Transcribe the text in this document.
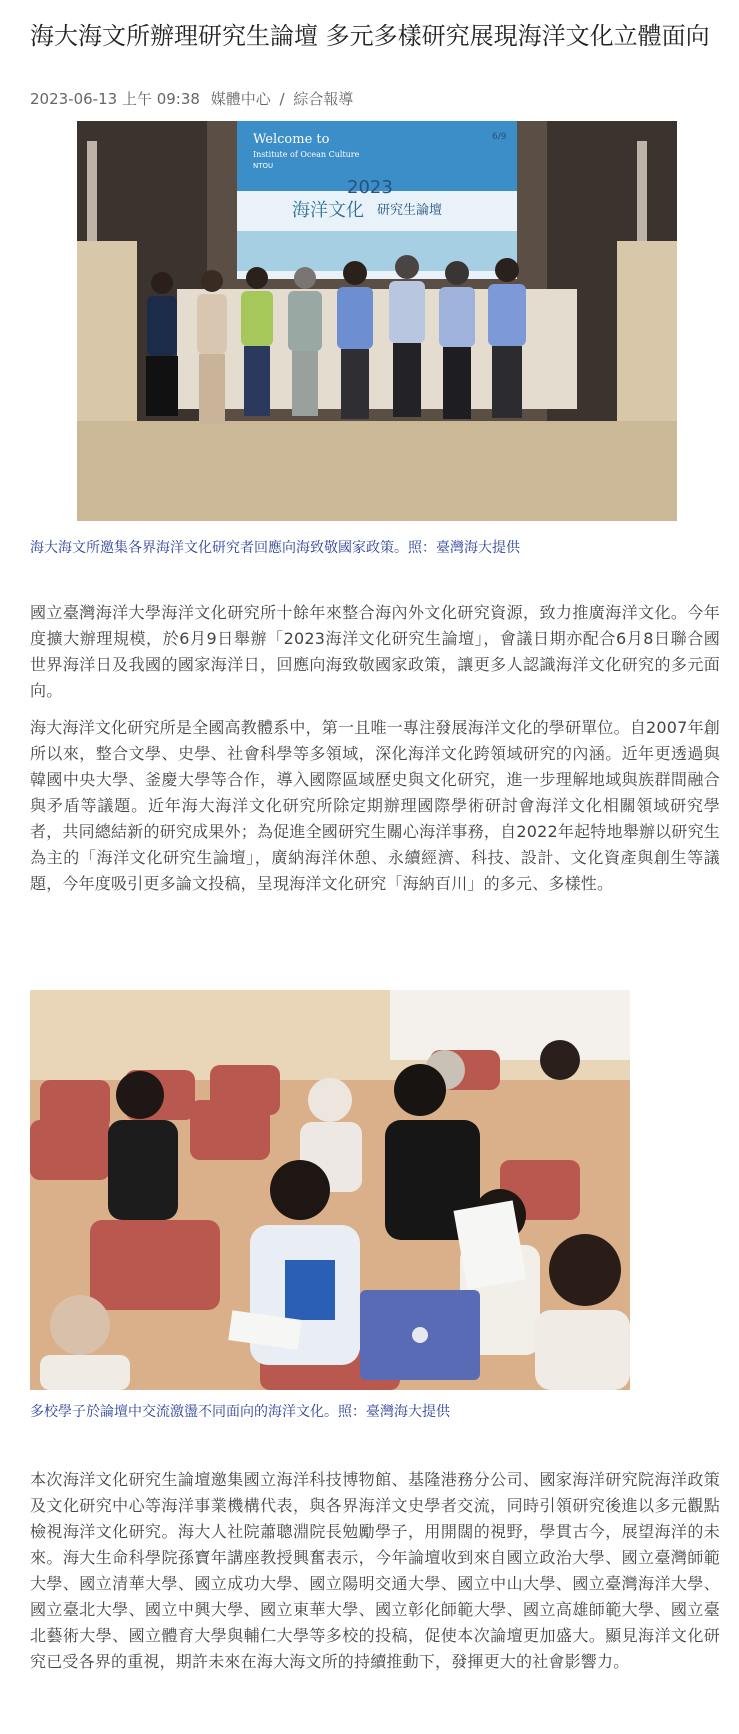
海大海文所辦理研究生論壇 多元多樣研究展現海洋文化立體面向
2023-06-13 上午 09:38 媒體中心 / 綜合報導
Welcome to
Institute of Ocean Culture
NTOU
2023
海洋文化 研究生論壇
6/9
海大海文所邀集各界海洋文化研究者回應向海致敬國家政策。照：臺灣海大提供

國立臺灣海洋大學海洋文化研究所十餘年來整合海內外文化研究資源，致力推廣海洋文化。今年度擴大辦理規模，於6月9日舉辦「2023海洋文化研究生論壇」，會議日期亦配合6月8日聯合國世界海洋日及我國的國家海洋日，回應向海致敬國家政策，讓更多人認識海洋文化研究的多元面向。

海大海洋文化研究所是全國高教體系中，第一且唯一專注發展海洋文化的學研單位。自2007年創所以來，整合文學、史學、社會科學等多領域，深化海洋文化跨領域研究的內涵。近年更透過與韓國中央大學、釜慶大學等合作，導入國際區域歷史與文化研究，進一步理解地域與族群間融合與矛盾等議題。近年海大海洋文化研究所除定期辦理國際學術研討會海洋文化相關領域研究學者，共同總結新的研究成果外；為促進全國研究生關心海洋事務，自2022年起特地舉辦以研究生為主的「海洋文化研究生論壇」，廣納海洋休憩、永續經濟、科技、設計、文化資產與創生等議題，今年度吸引更多論文投稿，呈現海洋文化研究「海納百川」的多元、多樣性。

多校學子於論壇中交流激盪不同面向的海洋文化。照：臺灣海大提供

本次海洋文化研究生論壇邀集國立海洋科技博物館、基隆港務分公司、國家海洋研究院海洋政策及文化研究中心等海洋事業機構代表，與各界海洋文史學者交流，同時引領研究後進以多元觀點檢視海洋文化研究。海大人社院蕭聰淵院長勉勵學子，用開闊的視野，學貫古今，展望海洋的未來。海大生命科學院孫寶年講座教授興奮表示，今年論壇收到來自國立政治大學、國立臺灣師範大學、國立清華大學、國立成功大學、國立陽明交通大學、國立中山大學、國立臺灣海洋大學、國立臺北大學、國立中興大學、國立東華大學、國立彰化師範大學、國立高雄師範大學、國立臺北藝術大學、國立體育大學與輔仁大學等多校的投稿，促使本次論壇更加盛大。顯見海洋文化研究已受各界的重視，期許未來在海大海文所的持續推動下，發揮更大的社會影響力。
